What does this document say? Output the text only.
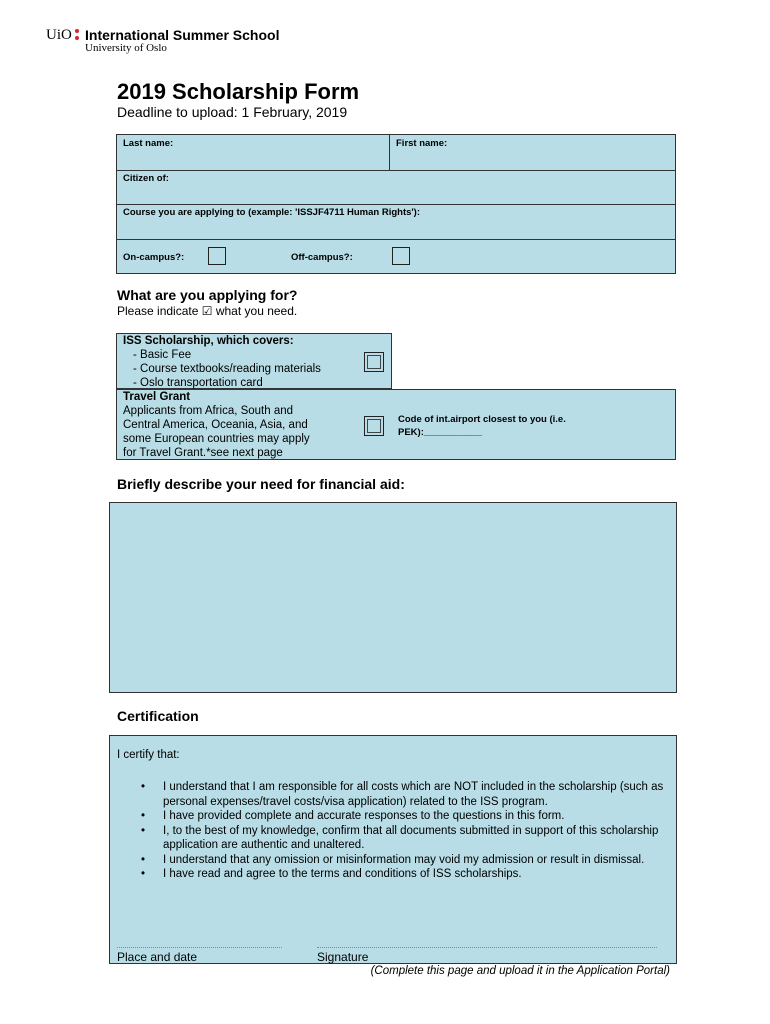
UiO International Summer School
University of Oslo
2019 Scholarship Form
Deadline to upload: 1 February, 2019
Last name:	First name:
Citizen of:
Course you are applying to (example: 'ISSJF4711 Human Rights'):
On-campus?:	Off-campus?:
What are you applying for?
Please indicate ☑ what you need.
ISS Scholarship, which covers:
- Basic Fee
- Course textbooks/reading materials
- Oslo transportation card
Travel Grant
Applicants from Africa, South and
Central America, Oceania, Asia, and
some European countries may apply
for Travel Grant.*see next page
Code of int.airport closest to you (i.e.
PEK):___________
Briefly describe your need for financial aid:
Certification
I certify that:
• I understand that I am responsible for all costs which are NOT included in the scholarship (such as personal expenses/travel costs/visa application) related to the ISS program.
• I have provided complete and accurate responses to the questions in this form.
• I, to the best of my knowledge, confirm that all documents submitted in support of this scholarship application are authentic and unaltered.
• I understand that any omission or misinformation may void my admission or result in dismissal.
• I have read and agree to the terms and conditions of ISS scholarships.
Place and date	Signature
(Complete this page and upload it in the Application Portal)
